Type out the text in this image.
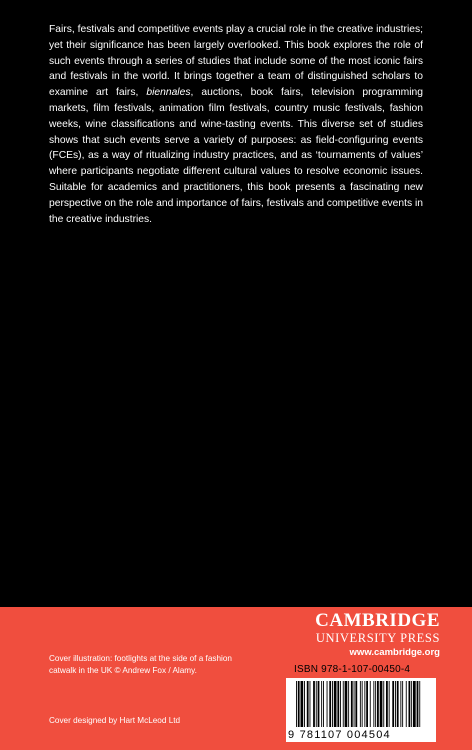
Fairs, festivals and competitive events play a crucial role in the creative industries; yet their significance has been largely overlooked. This book explores the role of such events through a series of studies that include some of the most iconic fairs and festivals in the world. It brings together a team of distinguished scholars to examine art fairs, biennales, auctions, book fairs, television programming markets, film festivals, animation film festivals, country music festivals, fashion weeks, wine classifications and wine-tasting events. This diverse set of studies shows that such events serve a variety of purposes: as field-configuring events (FCEs), as a way of ritualizing industry practices, and as ‘tournaments of values’ where participants negotiate different cultural values to resolve economic issues. Suitable for academics and practitioners, this book presents a fascinating new perspective on the role and importance of fairs, festivals and competitive events in the creative industries.

CAMBRIDGE
UNIVERSITY PRESS
www.cambridge.org
ISBN 978-1-107-00450-4
9 781107 004504

Cover illustration: footlights at the side of a fashion catwalk in the UK © Andrew Fox / Alamy.

Cover designed by Hart McLeod Ltd
